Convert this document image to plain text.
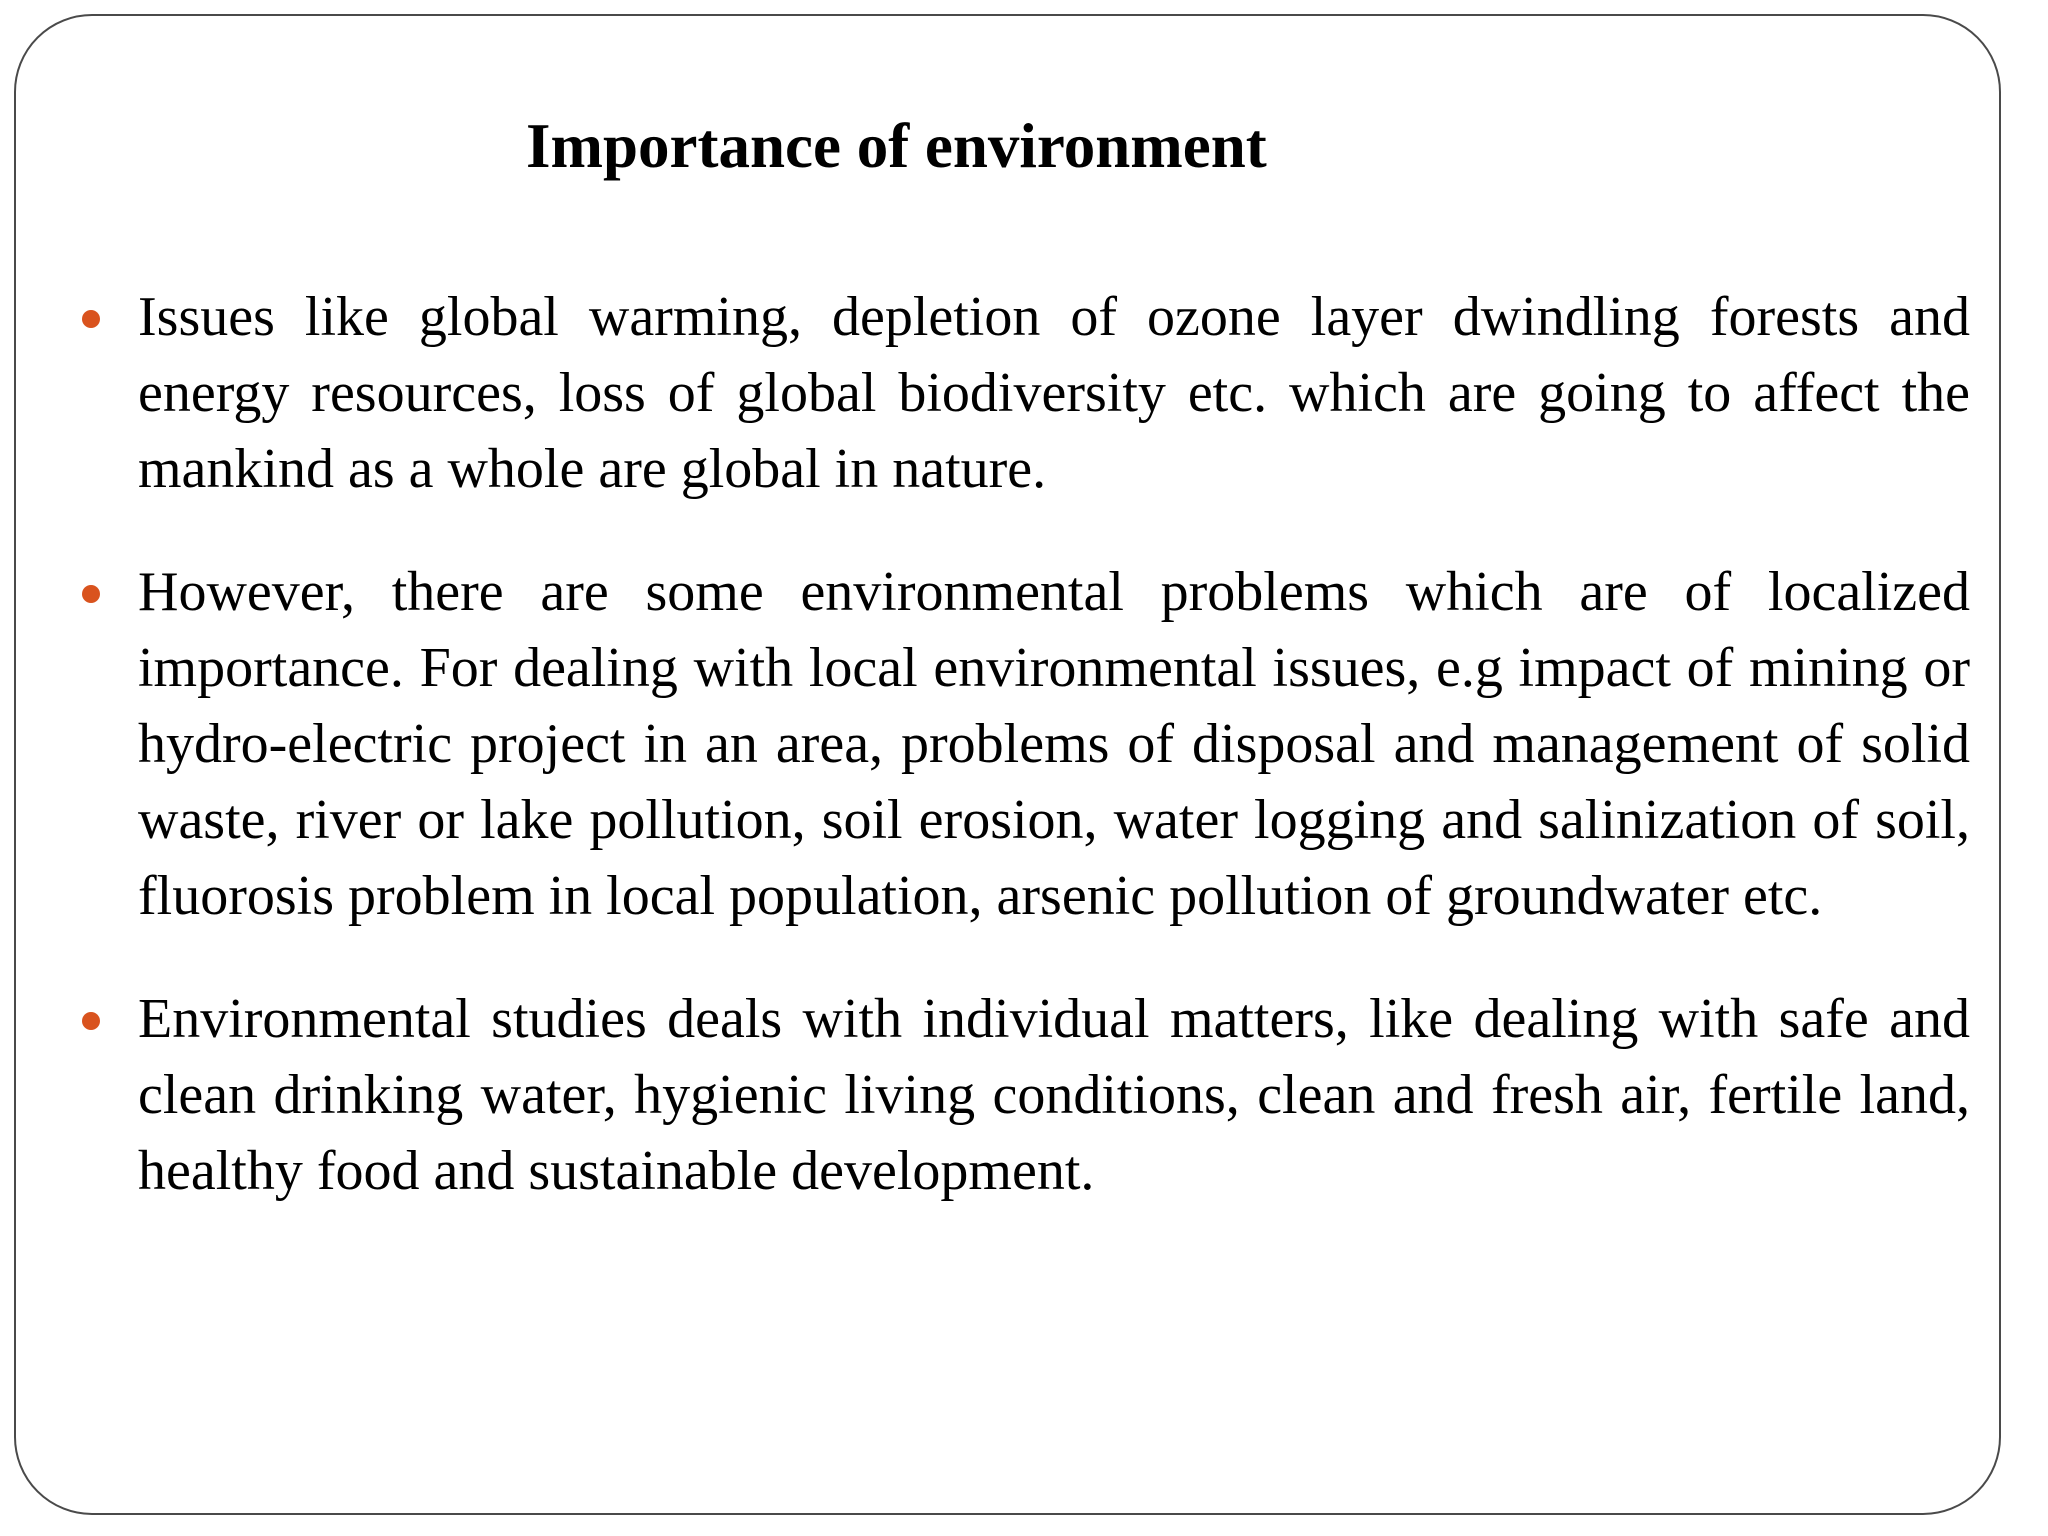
Importance of environment
Issues like global warming, depletion of ozone layer dwindling forests and energy resources, loss of global biodiversity etc. which are going to affect the mankind as a whole are global in nature.
However, there are some environmental problems which are of localized importance. For dealing with local environmental issues, e.g impact of mining or hydro-electric project in an area, problems of disposal and management of solid waste, river or lake pollution, soil erosion, water logging and salinization of soil, fluorosis problem in local population, arsenic pollution of groundwater etc.
Environmental studies deals with individual matters, like dealing with safe and clean drinking water, hygienic living conditions, clean and fresh air, fertile land, healthy food and sustainable development.
